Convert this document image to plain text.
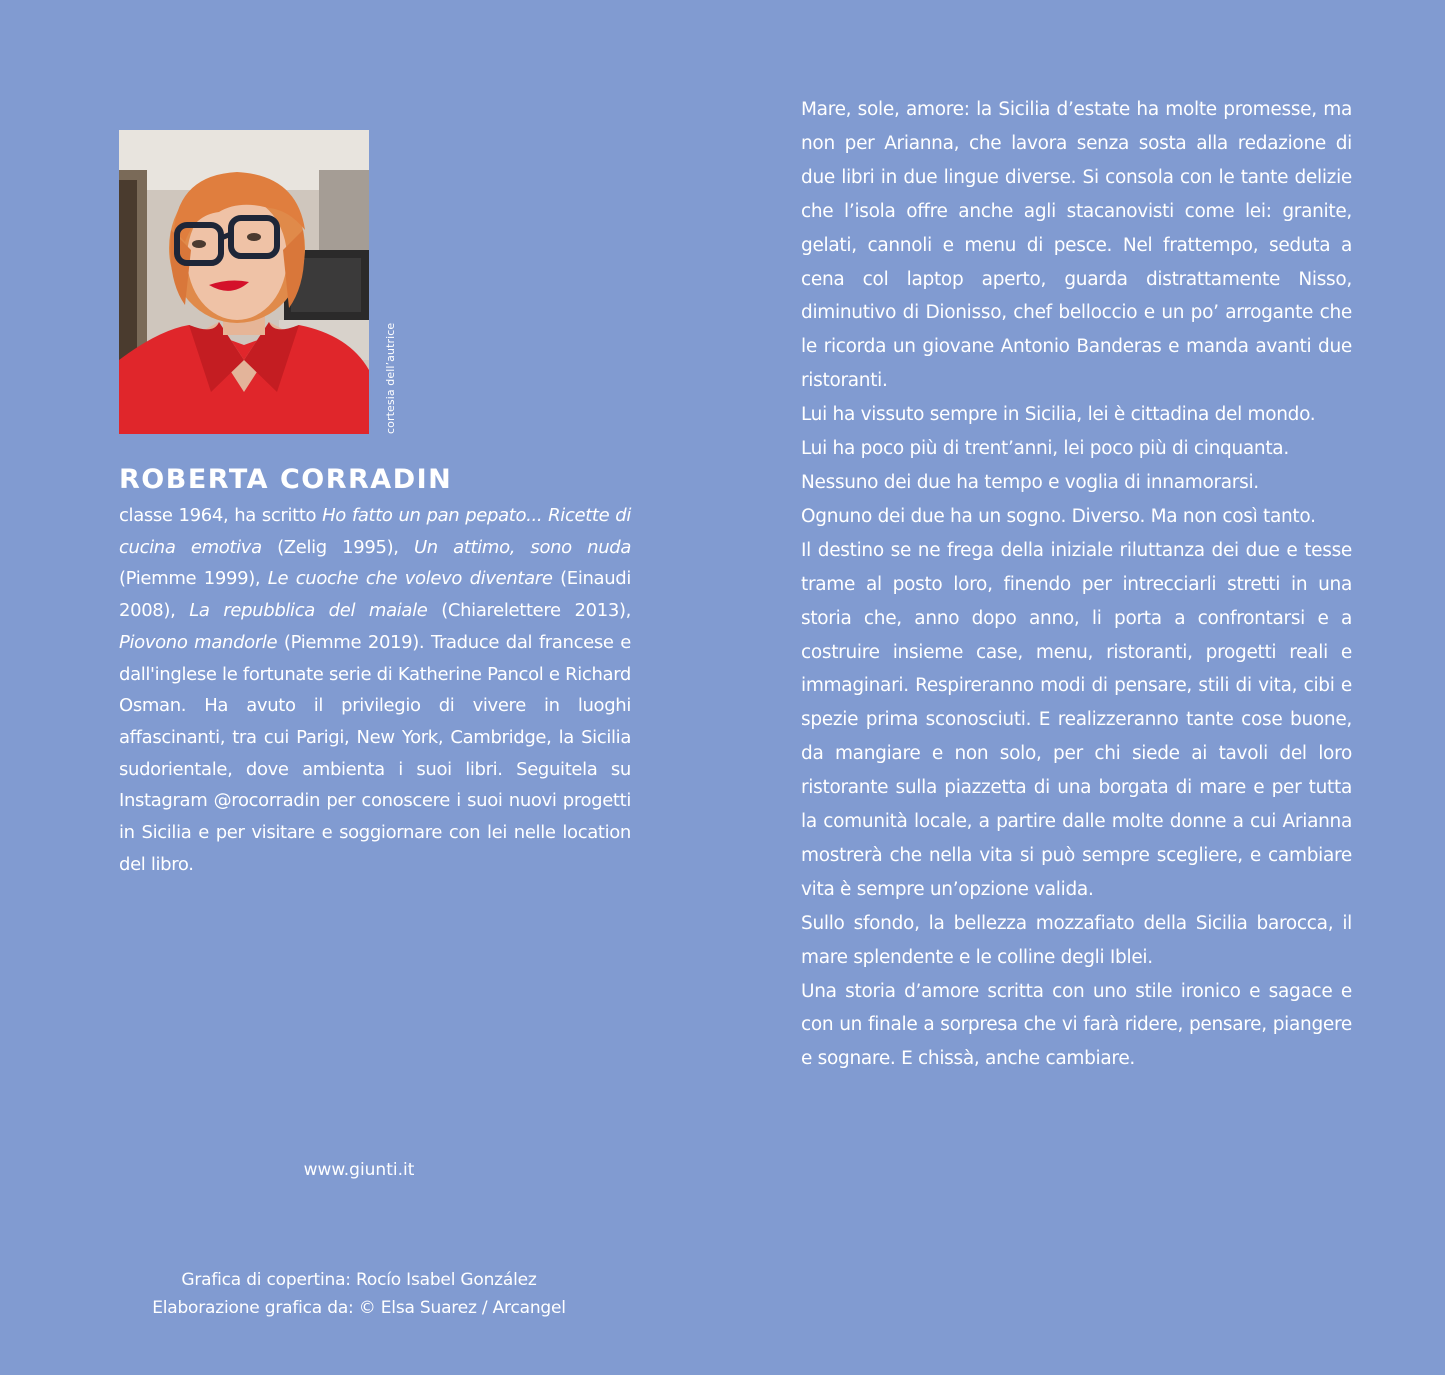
cortesia dell’autrice
ROBERTA CORRADIN
classe 1964, ha scritto Ho fatto un pan pepato... Ricette di cucina emotiva (Zelig 1995), Un attimo, sono nuda (Piemme 1999), Le cuoche che volevo diventare (Einaudi 2008), La repubblica del maiale (Chiarelettere 2013), Piovono mandorle (Piemme 2019). Traduce dal francese e dall'inglese le fortunate serie di Katherine Pancol e Richard Osman. Ha avuto il privilegio di vivere in luoghi affascinanti, tra cui Parigi, New York, Cambridge, la Sicilia sudorientale, dove ambienta i suoi libri. Seguitela su Instagram @rocorradin per conoscere i suoi nuovi progetti in Sicilia e per visitare e soggiornare con lei nelle location del libro.
www.giunti.it
Grafica di copertina: Rocío Isabel González
Elaborazione grafica da: © Elsa Suarez / Arcangel

Mare, sole, amore: la Sicilia d’estate ha molte promesse, ma non per Arianna, che lavora senza sosta alla redazione di due libri in due lingue diverse. Si consola con le tante delizie che l’isola offre anche agli stacanovisti come lei: granite, gelati, cannoli e menu di pesce. Nel frattempo, seduta a cena col laptop aperto, guarda distrattamente Nisso, diminutivo di Dionisso, chef belloccio e un po’ arrogante che le ricorda un giovane Antonio Banderas e manda avanti due ristoranti.

Lui ha vissuto sempre in Sicilia, lei è cittadina del mondo.

Lui ha poco più di trent’anni, lei poco più di cinquanta.

Nessuno dei due ha tempo e voglia di innamorarsi.

Ognuno dei due ha un sogno. Diverso. Ma non così tanto.

Il destino se ne frega della iniziale riluttanza dei due e tesse trame al posto loro, finendo per intrecciarli stretti in una storia che, anno dopo anno, li porta a confrontarsi e a costruire insieme case, menu, ristoranti, progetti reali e immaginari. Respireranno modi di pensare, stili di vita, cibi e spezie prima sconosciuti. E realizzeranno tante cose buone, da mangiare e non solo, per chi siede ai tavoli del loro ristorante sulla piazzetta di una borgata di mare e per tutta la comunità locale, a partire dalle molte donne a cui Arianna mostrerà che nella vita si può sempre scegliere, e cambiare vita è sempre un’opzione valida.

Sullo sfondo, la bellezza mozzafiato della Sicilia barocca, il mare splendente e le colline degli Iblei.

Una storia d’amore scritta con uno stile ironico e sagace e con un finale a sorpresa che vi farà ridere, pensare, piangere e sognare. E chissà, anche cambiare.
